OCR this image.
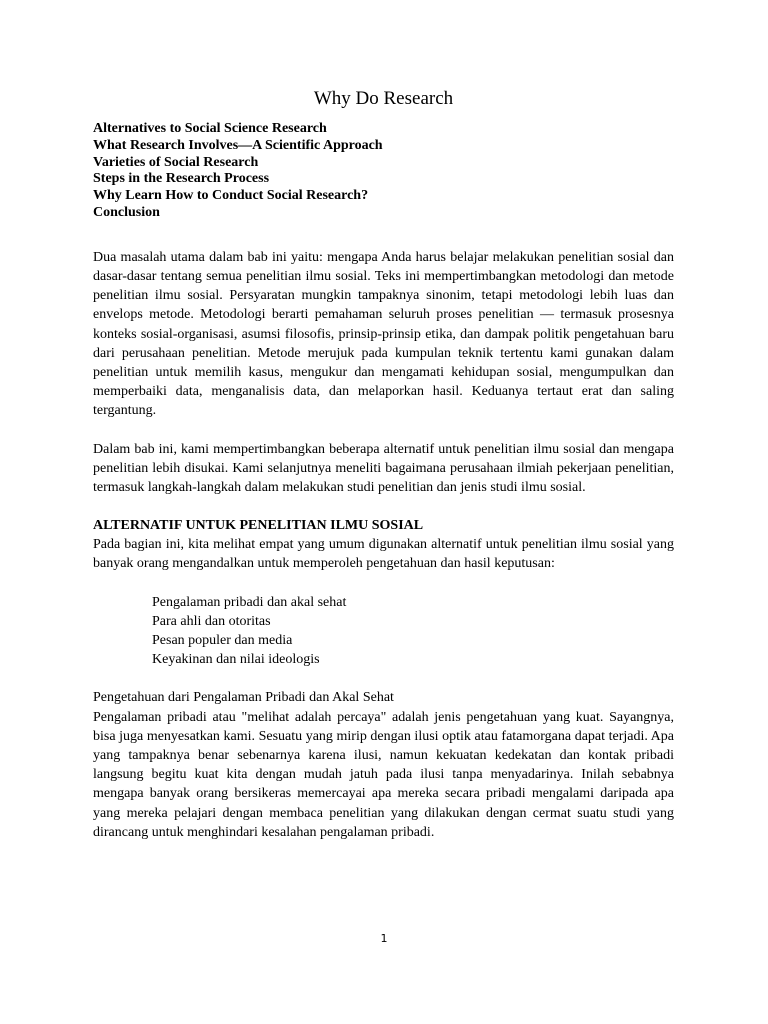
Why Do Research
Alternatives to Social Science Research
What Research Involves—A Scientific Approach
Varieties of Social Research
Steps in the Research Process
Why Learn How to Conduct Social Research?
Conclusion

Dua masalah utama dalam bab ini yaitu: mengapa Anda harus belajar melakukan penelitian sosial dan dasar-dasar tentang semua penelitian ilmu sosial. Teks ini mempertimbangkan metodologi dan metode penelitian ilmu sosial. Persyaratan mungkin tampaknya sinonim, tetapi metodologi lebih luas dan envelops metode. Metodologi berarti pemahaman seluruh proses penelitian — termasuk prosesnya konteks sosial-organisasi, asumsi filosofis, prinsip-prinsip etika, dan dampak politik pengetahuan baru dari perusahaan penelitian. Metode merujuk pada kumpulan teknik tertentu kami gunakan dalam penelitian untuk memilih kasus, mengukur dan mengamati kehidupan sosial, mengumpulkan dan memperbaiki data, menganalisis data, dan melaporkan hasil. Keduanya tertaut erat dan saling tergantung.

Dalam bab ini, kami mempertimbangkan beberapa alternatif untuk penelitian ilmu sosial dan mengapa penelitian lebih disukai. Kami selanjutnya meneliti bagaimana perusahaan ilmiah pekerjaan penelitian, termasuk langkah-langkah dalam melakukan studi penelitian dan jenis studi ilmu sosial.

ALTERNATIF UNTUK PENELITIAN ILMU SOSIAL

Pada bagian ini, kita melihat empat yang umum digunakan alternatif untuk penelitian ilmu sosial yang banyak orang mengandalkan untuk memperoleh pengetahuan dan hasil keputusan:

Pengalaman pribadi dan akal sehat
Para ahli dan otoritas
Pesan populer dan media
Keyakinan dan nilai ideologis

Pengetahuan dari Pengalaman Pribadi dan Akal Sehat

Pengalaman pribadi atau "melihat adalah percaya" adalah jenis pengetahuan yang kuat. Sayangnya, bisa juga menyesatkan kami. Sesuatu yang mirip dengan ilusi optik atau fatamorgana dapat terjadi. Apa yang tampaknya benar sebenarnya karena ilusi, namun kekuatan kedekatan dan kontak pribadi langsung begitu kuat kita dengan mudah jatuh pada ilusi tanpa menyadarinya. Inilah sebabnya mengapa banyak orang bersikeras memercayai apa mereka secara pribadi mengalami daripada apa yang mereka pelajari dengan membaca penelitian yang dilakukan dengan cermat suatu studi yang dirancang untuk menghindari kesalahan pengalaman pribadi.

1
